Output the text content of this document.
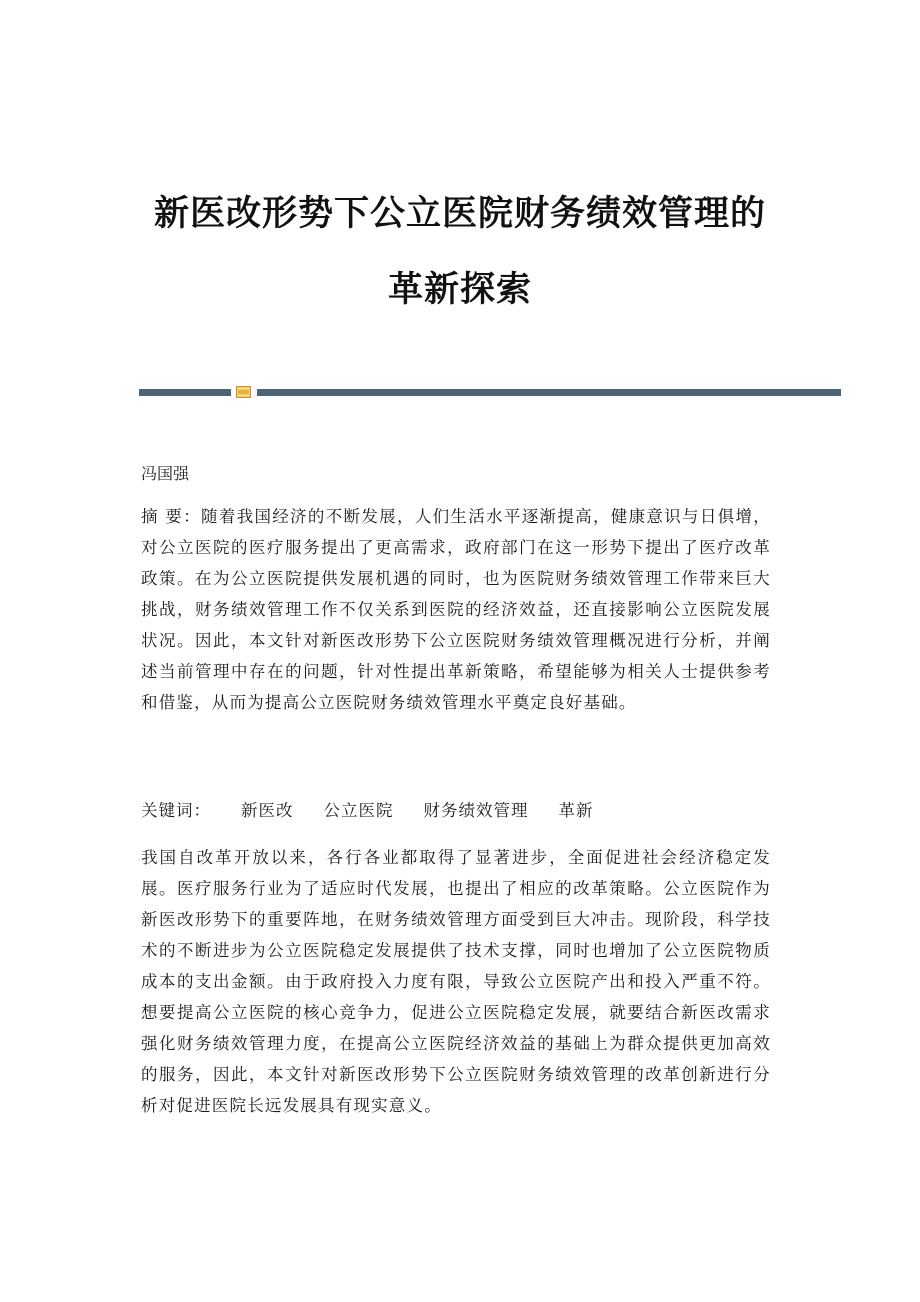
新医改形势下公立医院财务绩效管理的
革新探索
冯国强

摘 要：随着我国经济的不断发展，人们生活水平逐渐提高，健康意识与日俱增，对公立医院的医疗服务提出了更高需求，政府部门在这一形势下提出了医疗改革政策。在为公立医院提供发展机遇的同时，也为医院财务绩效管理工作带来巨大挑战，财务绩效管理工作不仅关系到医院的经济效益，还直接影响公立医院发展状况。因此，本文针对新医改形势下公立医院财务绩效管理概况进行分析，并阐述当前管理中存在的问题，针对性提出革新策略，希望能够为相关人士提供参考和借鉴，从而为提高公立医院财务绩效管理水平奠定良好基础。

关键词： 新医改 公立医院 财务绩效管理 革新

我国自改革开放以来，各行各业都取得了显著进步，全面促进社会经济稳定发展。医疗服务行业为了适应时代发展，也提出了相应的改革策略。公立医院作为新医改形势下的重要阵地，在财务绩效管理方面受到巨大冲击。现阶段，科学技术的不断进步为公立医院稳定发展提供了技术支撑，同时也增加了公立医院物质成本的支出金额。由于政府投入力度有限，导致公立医院产出和投入严重不符。想要提高公立医院的核心竞争力，促进公立医院稳定发展，就要结合新医改需求强化财务绩效管理力度，在提高公立医院经济效益的基础上为群众提供更加高效的服务，因此，本文针对新医改形势下公立医院财务绩效管理的改革创新进行分析对促进医院长远发展具有现实意义。
